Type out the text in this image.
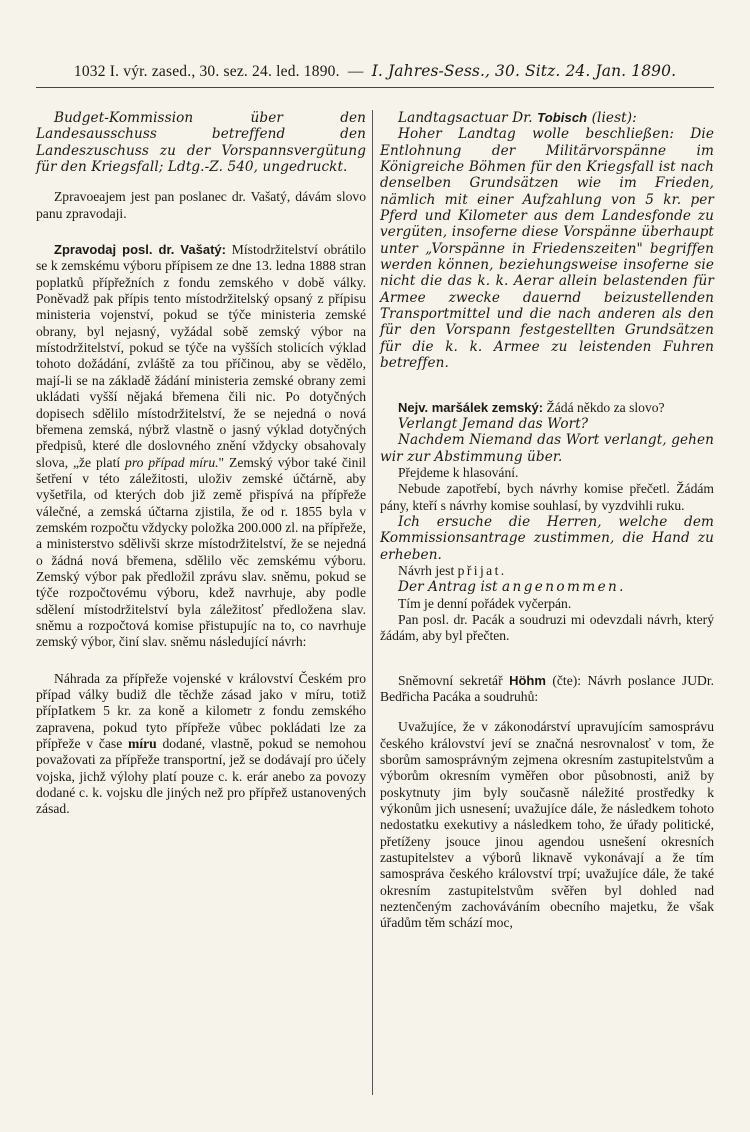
1032 I. výr. zased., 30. sez. 24. led. 1890. — I. Jahres-Sess., 30. Sitz. 24. Jan. 1890.

Budget-Kommission über den Landesausschuss betreffend den Landeszuschuss zu der Vorspannsvergütung für den Kriegsfall; Ldtg.-Z. 540, ungedruckt.

Zpravoeajem jest pan poslanec dr. Vašatý, dávám slovo panu zpravodaji.

Zpravodaj posl. dr. Vašatý: Místodržitelství obrátilo se k zemskému výboru přípisem ze dne 13. ledna 1888 stran poplatků přípřežních z fondu zemského v době války. Poněvadž pak přípis tento místodržitelský opsaný z přípisu ministeria vojenství, pokud se týče ministeria zemské obrany, byl nejasný, vyžádal sobě zemský výbor na místodržitelství, pokud se týče na vyšších stolicích výklad tohoto dožádání, zvláště za tou příčinou, aby se vědělo, mají-li se na základě žádání ministeria zemské obrany zemi ukládati vyšší nějaká břemena čili nic. Po dotyčných dopisech sdělilo místodržitelství, že se nejedná o nová břemena zemská, nýbrž vlastně o jasný výklad dotyčných předpisů, které dle doslovného znění vždycky obsahovaly slova, „že platí pro případ míru." Zemský výbor také činil šetření v této záležitosti, uloživ zemské účtárně, aby vyšetřila, od kterých dob již země přispívá na přípřeže válečné, a zemská účtarna zjistila, že od r. 1855 byla v zemském rozpočtu vždycky položka 200.000 zl. na přípřeže, a ministerstvo sdělivši skrze místodržitelství, že se nejedná o žádná nová břemena, sdělilo věc zemskému výboru. Zemský výbor pak předložil zprávu slav. sněmu, pokud se týče rozpočtovému výboru, kdež navrhuje, aby podle sdělení místodržitelství byla záležitosť předložena slav. sněmu a rozpočtová komise přistupujíc na to, co navrhuje zemský výbor, činí slav. sněmu následující návrh:

Náhrada za přípřeže vojenské v království Českém pro případ války budiž dle těchže zásad jako v míru, totiž přípIatkem 5 kr. za koně a kilometr z fondu zemského zapravena, pokud tyto přípřeže vůbec pokládati lze za přípřeže v čase míru dodané, vlastně, pokud se nemohou považovati za přípřeže transportní, jež se dodávají pro účely vojska, jichž výlohy platí pouze c. k. erár anebo za povozy dodané c. k. vojsku dle jiných než pro přípřež ustanovených zásad.

Landtagsactuar Dr. Tobisch (liest):

Hoher Landtag wolle beschließen: Die Entlohnung der Militärvorspänne im Königreiche Böhmen für den Kriegsfall ist nach denselben Grundsätzen wie im Frieden, nämlich mit einer Aufzahlung von 5 kr. per Pferd und Kilometer aus dem Landesfonde zu vergüten, insoferne diese Vorspänne überhaupt unter „Vorspänne in Friedenszeiten" begriffen werden können, beziehungsweise insoferne sie nicht die das k. k. Aerar allein belastenden für Armee zwecke dauernd beizustellenden Transportmittel und die nach anderen als den für den Vorspann festgestellten Grundsätzen für die k. k. Armee zu leistenden Fuhren betreffen.

Nejv. maršálek zemský: Žádá někdo za slovo?

Verlangt Jemand das Wort?

Nachdem Niemand das Wort verlangt, gehen wir zur Abstimmung über.

Přejdeme k hlasování.

Nebude zapotřebí, bych návrhy komise přečetl. Žádám pány, kteří s návrhy komise souhlasí, by vyzdvihli ruku.

Ich ersuche die Herren, welche dem Kommissionsantrage zustimmen, die Hand zu erheben.

Návrh jest přijat.

Der Antrag ist angenommen.

Tím je denní pořádek vyčerpán.

Pan posl. dr. Pacák a soudruzi mi odevzdali návrh, který žádám, aby byl přečten.

Sněmovní sekretář Höhm (čte): Návrh poslance JUDr. Bedřicha Pacáka a soudruhů:

Uvažujíce, že v zákonodárství upravujícím samosprávu českého království jeví se značná nesrovnalosť v tom, že sborům samosprávným zejmena okresním zastupitelstvům a výborům okresním vyměřen obor působnosti, aniž by poskytnuty jim byly současně náležité prostředky k výkonům jich usnesení; uvažujíce dále, že následkem tohoto nedostatku exekutivy a následkem toho, že úřady politické, přetíženy jsouce jinou agendou usnešení okresních zastupitelstev a výborů liknavě vykonávají a že tím samospráva českého království trpí; uvažujíce dále, že také okresním zastupitelstvům svěřen byl dohled nad neztenčeným zachováváním obecního majetku, že však úřadům těm schází moc,
